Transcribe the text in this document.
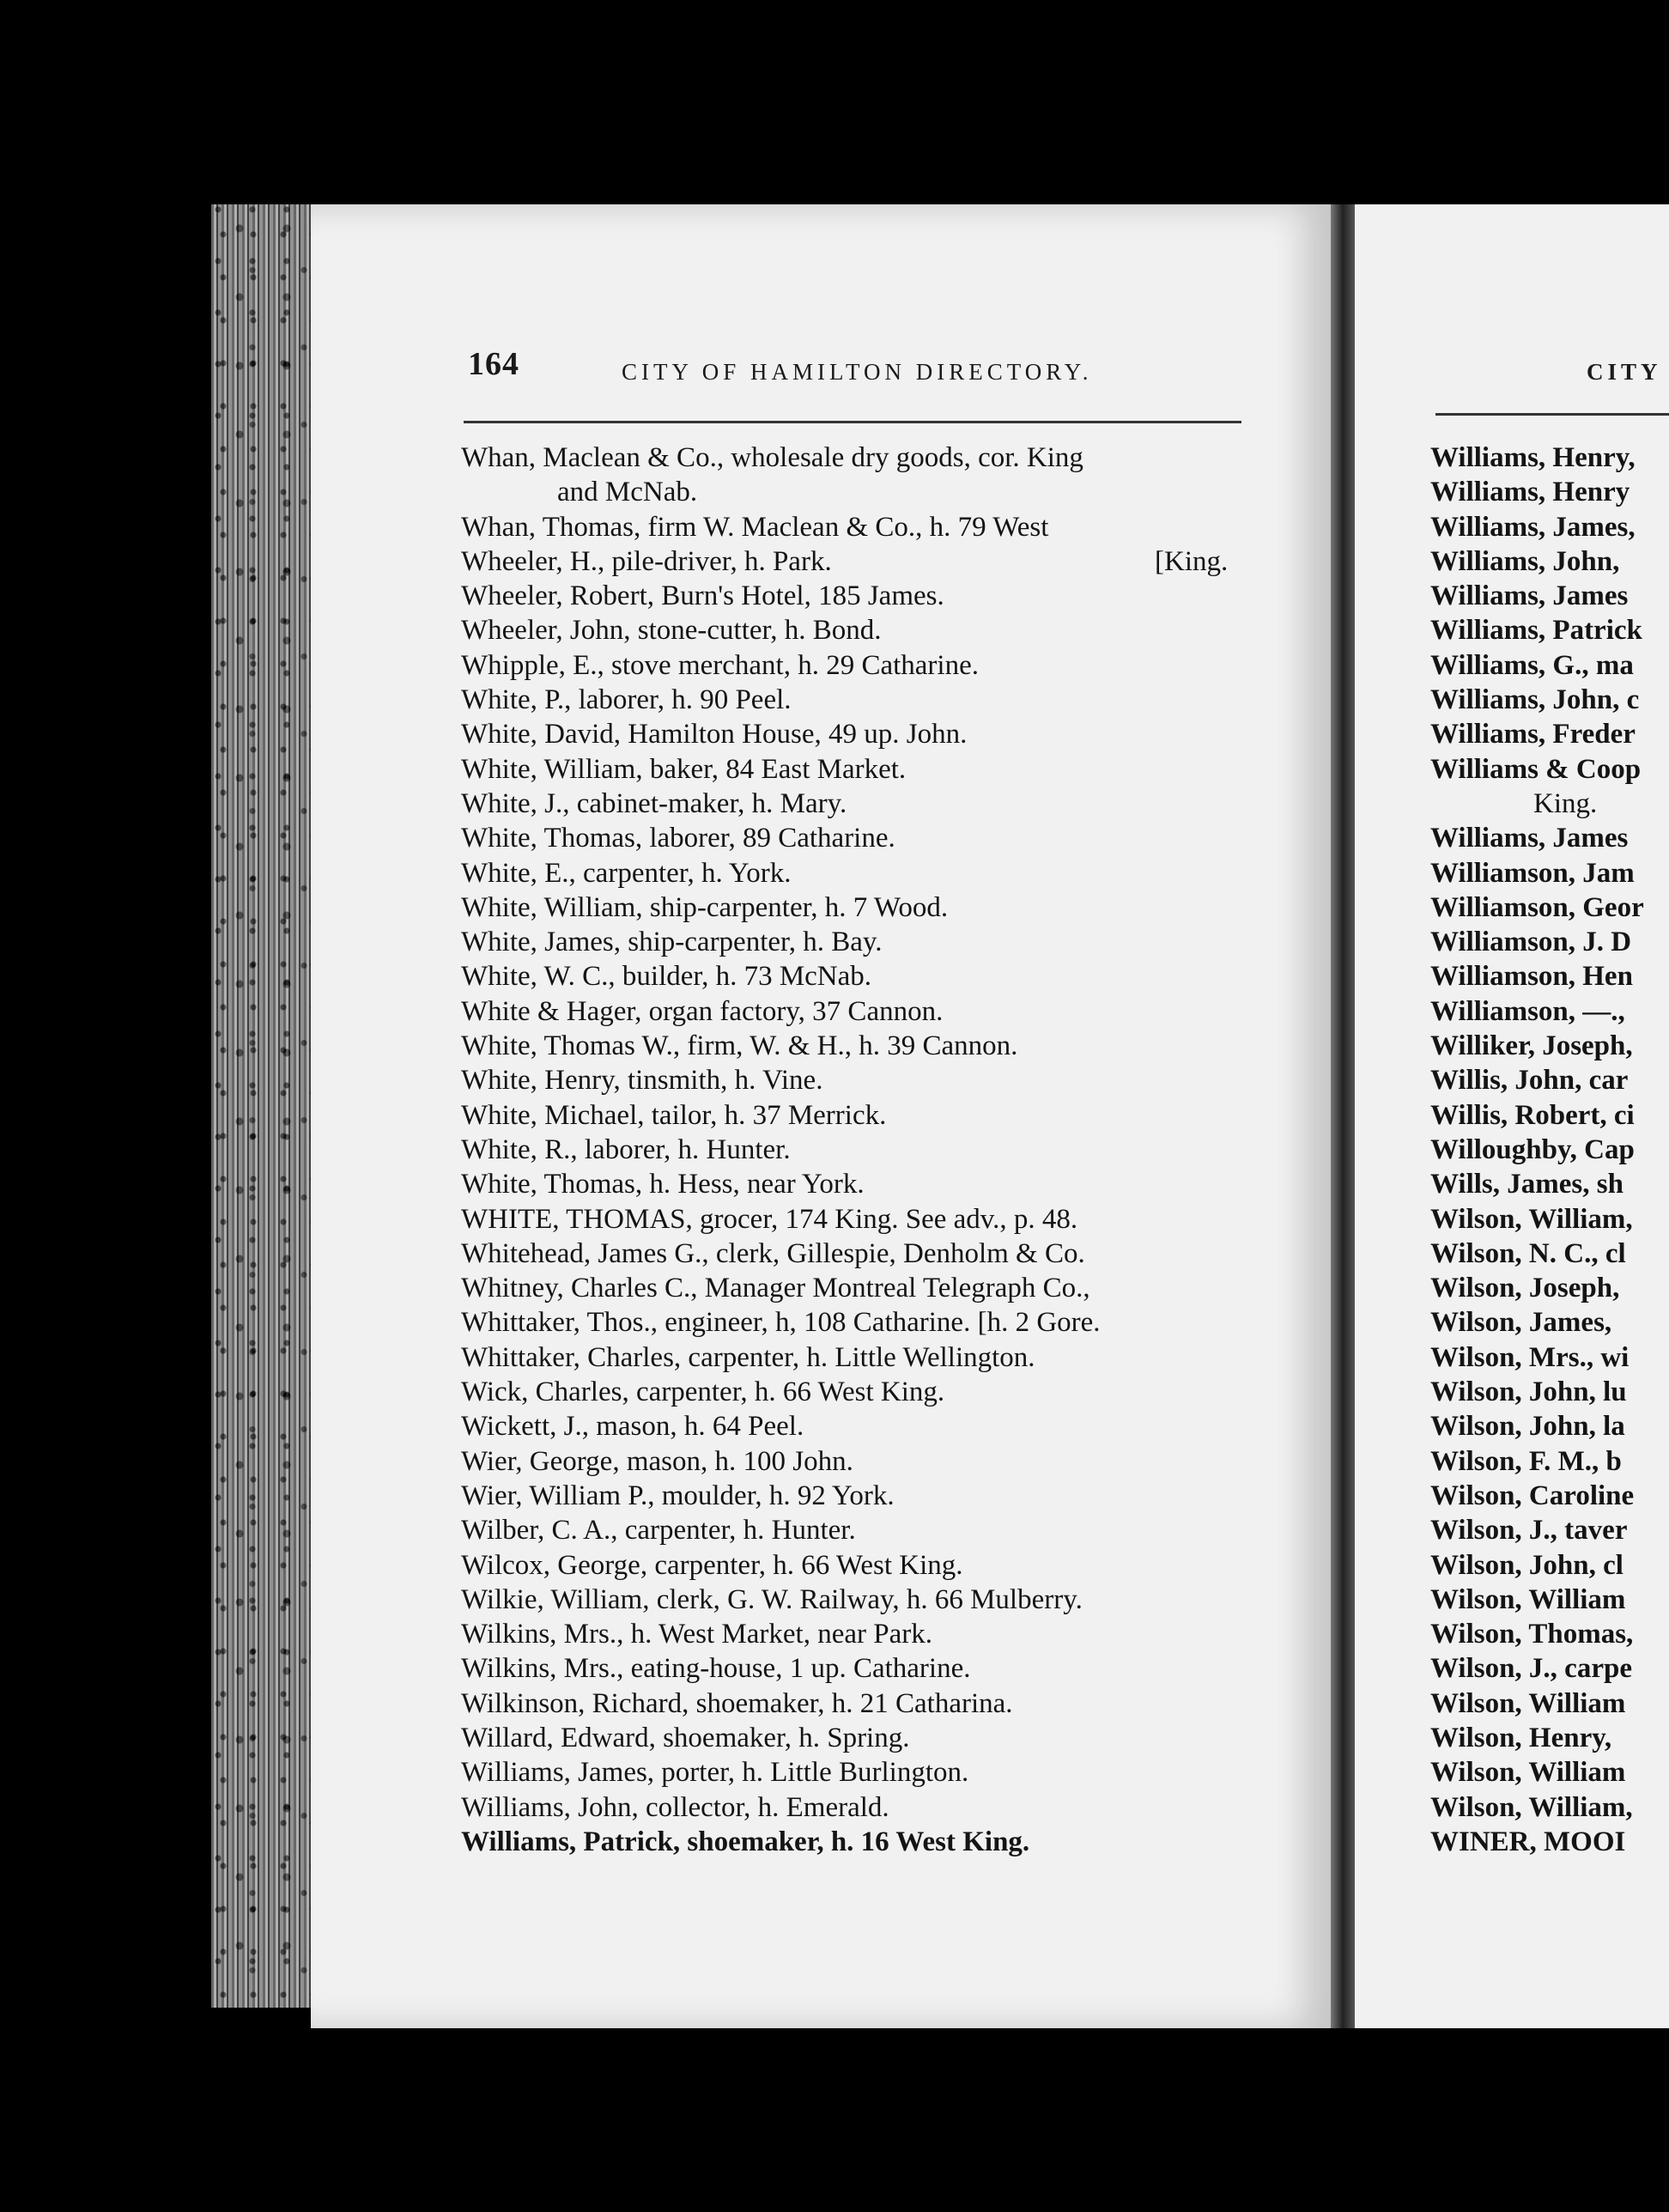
164	CITY OF HAMILTON DIRECTORY.	CITY
Whan, Maclean & Co., wholesale dry goods, cor. King
and McNab.
Whan, Thomas, firm W. Maclean & Co., h. 79 West
Wheeler, H., pile-driver, h. Park.	[King.
Wheeler, Robert, Burn's Hotel, 185 James.
Wheeler, John, stone-cutter, h. Bond.
Whipple, E., stove merchant, h. 29 Catharine.
White, P., laborer, h. 90 Peel.
White, David, Hamilton House, 49 up. John.
White, William, baker, 84 East Market.
White, J., cabinet-maker, h. Mary.
White, Thomas, laborer, 89 Catharine.
White, E., carpenter, h. York.
White, William, ship-carpenter, h. 7 Wood.
White, James, ship-carpenter, h. Bay.
White, W. C., builder, h. 73 McNab.
White & Hager, organ factory, 37 Cannon.
White, Thomas W., firm, W. & H., h. 39 Cannon.
White, Henry, tinsmith, h. Vine.
White, Michael, tailor, h. 37 Merrick.
White, R., laborer, h. Hunter.
White, Thomas, h. Hess, near York.
WHITE, THOMAS, grocer, 174 King. See adv., p. 48.
Whitehead, James G., clerk, Gillespie, Denholm & Co.
Whitney, Charles C., Manager Montreal Telegraph Co.,
Whittaker, Thos., engineer, h, 108 Catharine. [h. 2 Gore.
Whittaker, Charles, carpenter, h. Little Wellington.
Wick, Charles, carpenter, h. 66 West King.
Wickett, J., mason, h. 64 Peel.
Wier, George, mason, h. 100 John.
Wier, William P., moulder, h. 92 York.
Wilber, C. A., carpenter, h. Hunter.
Wilcox, George, carpenter, h. 66 West King.
Wilkie, William, clerk, G. W. Railway, h. 66 Mulberry.
Wilkins, Mrs., h. West Market, near Park.
Wilkins, Mrs., eating-house, 1 up. Catharine.
Wilkinson, Richard, shoemaker, h. 21 Catharina.
Willard, Edward, shoemaker, h. Spring.
Williams, James, porter, h. Little Burlington.
Williams, John, collector, h. Emerald.
Williams, Patrick, shoemaker, h. 16 West King.
Williams, Henry,
Williams, Henry
Williams, James,
Williams, John,
Williams, James
Williams, Patrick
Williams, G., ma
Williams, John, c
Williams, Freder
Williams & Coop
King.
Williams, James
Williamson, Jam
Williamson, Geor
Williamson, J. D
Williamson, Hen
Williamson, —.,
Williker, Joseph,
Willis, John, car
Willis, Robert, ci
Willoughby, Cap
Wills, James, sh
Wilson, William,
Wilson, N. C., cl
Wilson, Joseph,
Wilson, James,
Wilson, Mrs., wi
Wilson, John, lu
Wilson, John, la
Wilson, F. M., b
Wilson, Caroline
Wilson, J., taver
Wilson, John, cl
Wilson, William
Wilson, Thomas,
Wilson, J., carpe
Wilson, William
Wilson, Henry,
Wilson, William
Wilson, William,
WINER, MOOI
